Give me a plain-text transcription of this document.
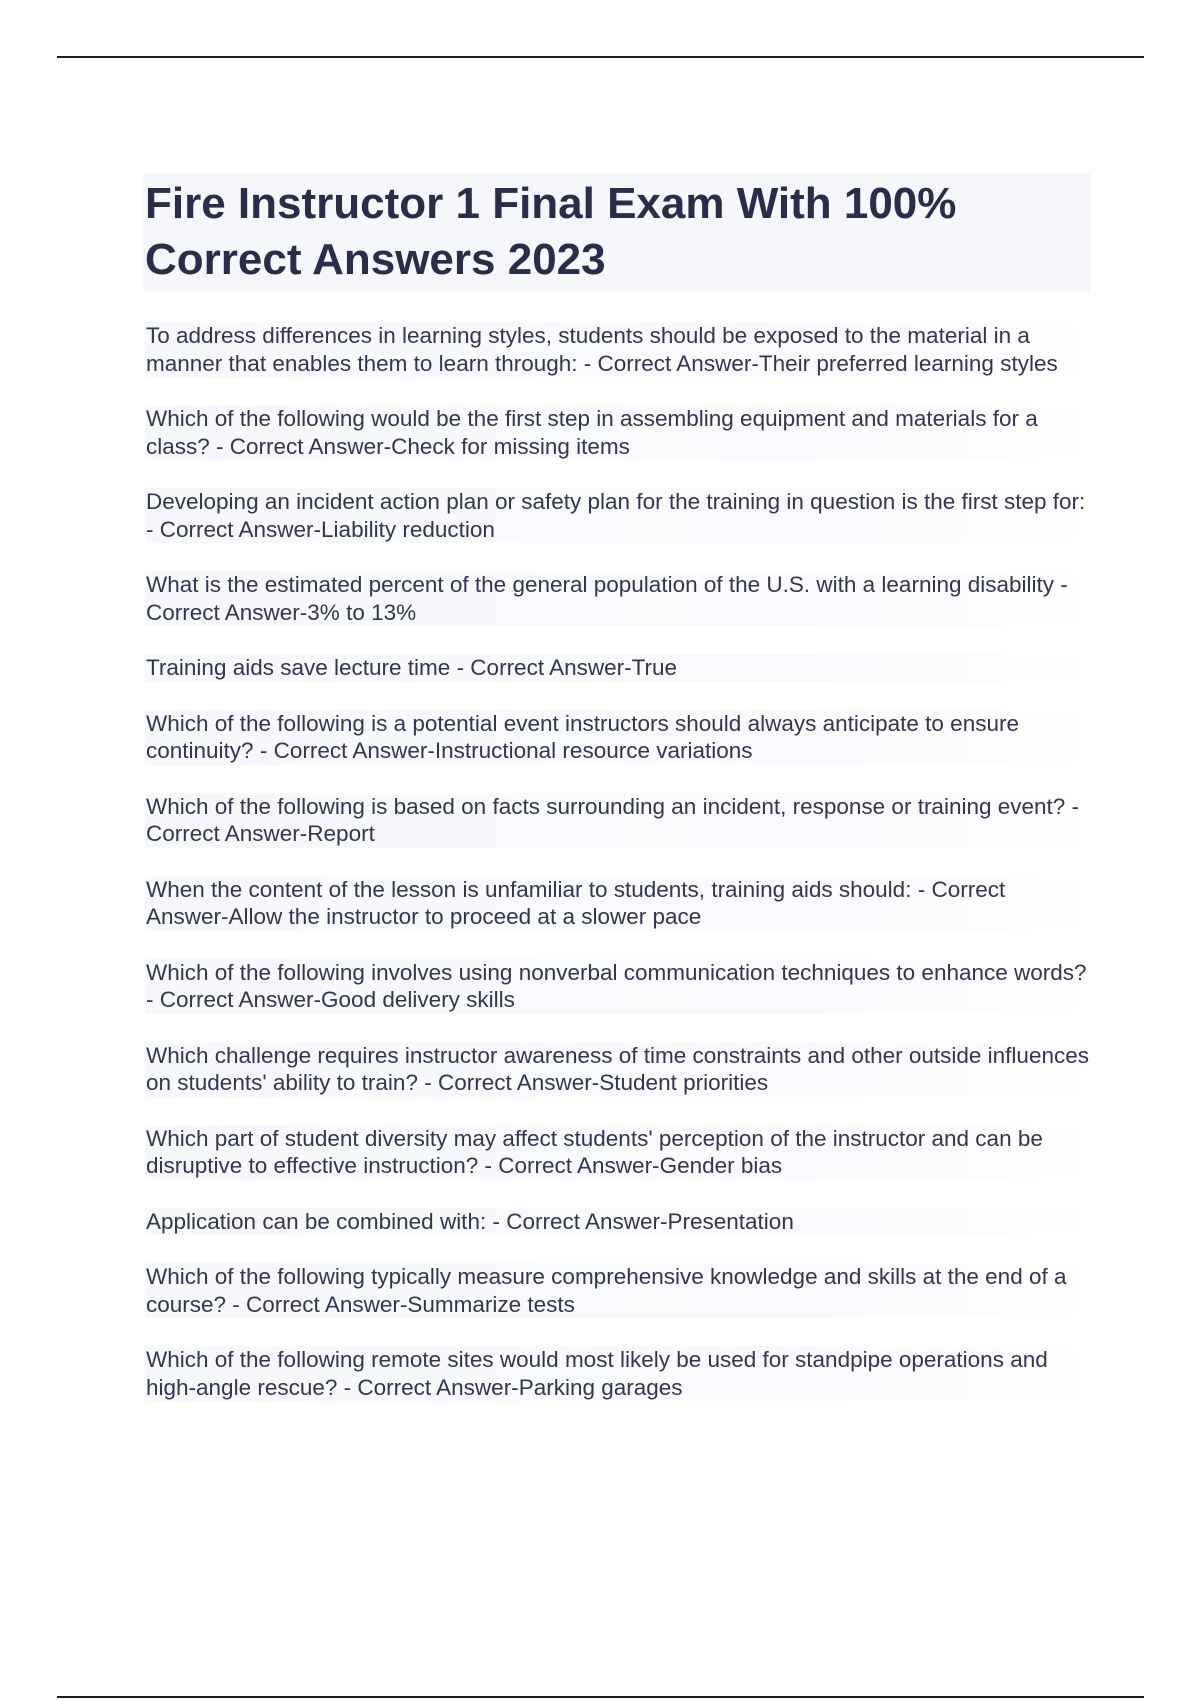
Fire Instructor 1 Final Exam With 100% Correct Answers 2023

To address differences in learning styles, students should be exposed to the material in a manner that enables them to learn through: - Correct Answer-Their preferred learning styles

Which of the following would be the first step in assembling equipment and materials for a class? - Correct Answer-Check for missing items

Developing an incident action plan or safety plan for the training in question is the first step for: - Correct Answer-Liability reduction

What is the estimated percent of the general population of the U.S. with a learning disability - Correct Answer-3% to 13%

Training aids save lecture time - Correct Answer-True

Which of the following is a potential event instructors should always anticipate to ensure continuity? - Correct Answer-Instructional resource variations

Which of the following is based on facts surrounding an incident, response or training event? - Correct Answer-Report

When the content of the lesson is unfamiliar to students, training aids should: - Correct Answer-Allow the instructor to proceed at a slower pace

Which of the following involves using nonverbal communication techniques to enhance words? - Correct Answer-Good delivery skills

Which challenge requires instructor awareness of time constraints and other outside influences on students' ability to train? - Correct Answer-Student priorities

Which part of student diversity may affect students' perception of the instructor and can be disruptive to effective instruction? - Correct Answer-Gender bias

Application can be combined with: - Correct Answer-Presentation

Which of the following typically measure comprehensive knowledge and skills at the end of a course? - Correct Answer-Summarize tests

Which of the following remote sites would most likely be used for standpipe operations and high-angle rescue? - Correct Answer-Parking garages
